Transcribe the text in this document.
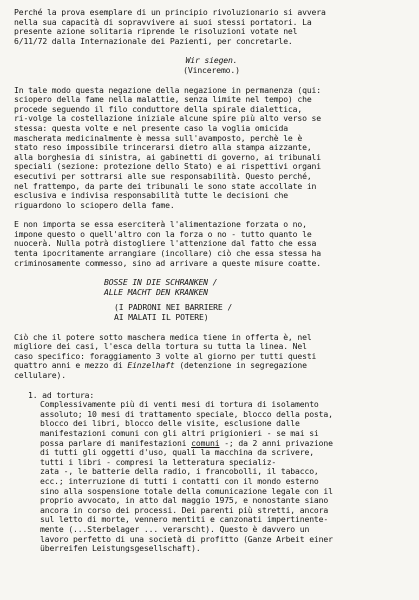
Perché la prova esemplare di un principio rivoluzionario si avvera
nella sua capacità di sopravvivere ai suoi stessi portatori. La
presente azione solitaria riprende le risoluzioni votate nel
6/11/72 dalla Internazionale dei Pazienti, per concretarle.
Wir siegen.
(Vinceremo.)
In tale modo questa negazione della negazione in permanenza (qui:
sciopero della fame nella malattie, senza limite nel tempo) che
procede seguendo il filo conduttore della spirale dialettica,
ri-volge la costellazione iniziale alcune spire più alto verso se
stessa: questa volte e nel presente caso la voglia omicida
mascherata medicinalmente è messa sull'avamposto, perchè le è
stato reso impossibile trincerarsi dietro alla stampa aizzante,
alla borghesia di sinistra, ai gabinetti di governo, ai tribunali
speciali (sezione: protezione dello Stato) e ai rispettivi organi
esecutivi per sottrarsi alle sue responsabilità. Questo perché,
nel frattempo, da parte dei tribunali le sono state accollate in
esclusiva e indivisa responsabilità tutte le decisioni che
riguardono lo sciopero della fame.
E non importa se essa eserciterà l'alimentazione forzata o no,
impone questo o quell'altro con la forza o no - tutto quanto le
nuocerà. Nulla potrà distogliere l'attenzione dal fatto che essa
tenta ipocritamente arrangiare (incollare) ciò che essa stessa ha
criminosamente commesso, sino ad arrivare a queste misure coatte.
BOSSE IN DIE SCHRANKEN /
ALLE MACHT DEN KRANKEN
(I PADRONI NEI BARRIERE /
AI MALATI IL POTERE)
Ciò che il potere sotto maschera medica tiene in offerta è, nel
migliore dei casi, l'esca della tortura su tutta la linea. Nel
caso specifico: foraggiamento 3 volte al giorno per tutti questi
quattro anni e mezzo di Einzelhaft (detenzione in segregazione
cellulare).
1. ad tortura:
Complessivamente più di venti mesi di tortura di isolamento
assoluto; 10 mesi di trattamento speciale, blocco della posta,
blocco dei libri, blocco delle visite, esclusione dalle
manifestazioni comuni con gli altri prigionieri - se mai si
possa parlare di manifestazioni comuni -; da 2 anni privazione
di tutti gli oggetti d'uso, quali la macchina da scrivere,
tutti i libri - compresi la letteratura specializ-
zata -, le batterie della radio, i francobolli, il tabacco,
ecc.; interruzione di tutti i contatti con il mondo esterno
sino alla sospensione totale della comunicazione legale con il
proprio avvocato, in atto dal maggio 1975, e nonostante siano
ancora in corso dei processi. Dei parenti più stretti, ancora
sul letto di morte, vennero mentiti e canzonati impertinente-
mente (...Sterbelager ... verarscht). Questo è davvero un
lavoro perfetto di una società di profitto (Ganze Arbeit einer
überreifen Leistungsgesellschaft).
